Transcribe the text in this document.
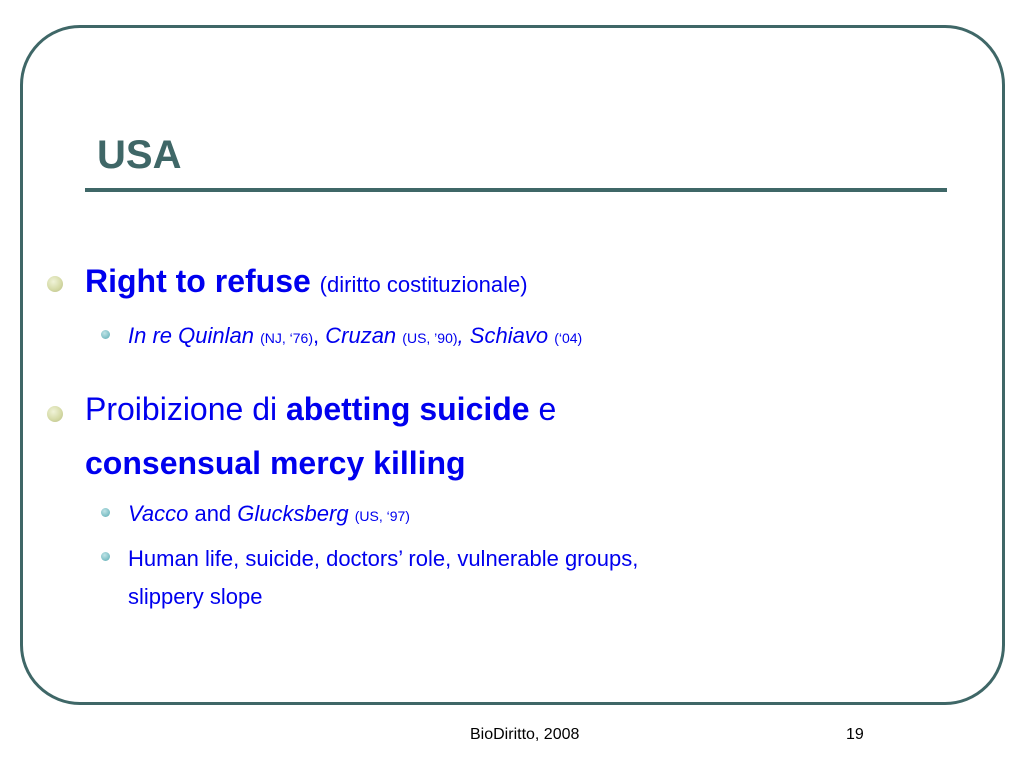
USA
Right to refuse (diritto costituzionale)
In re Quinlan (NJ, ‘76), Cruzan (US, ’90), Schiavo (‘04)
Proibizione di abetting suicide e
consensual mercy killing
Vacco and Glucksberg (US, ‘97)
Human life, suicide, doctors’ role, vulnerable groups,
slippery slope
BioDiritto, 2008	19
